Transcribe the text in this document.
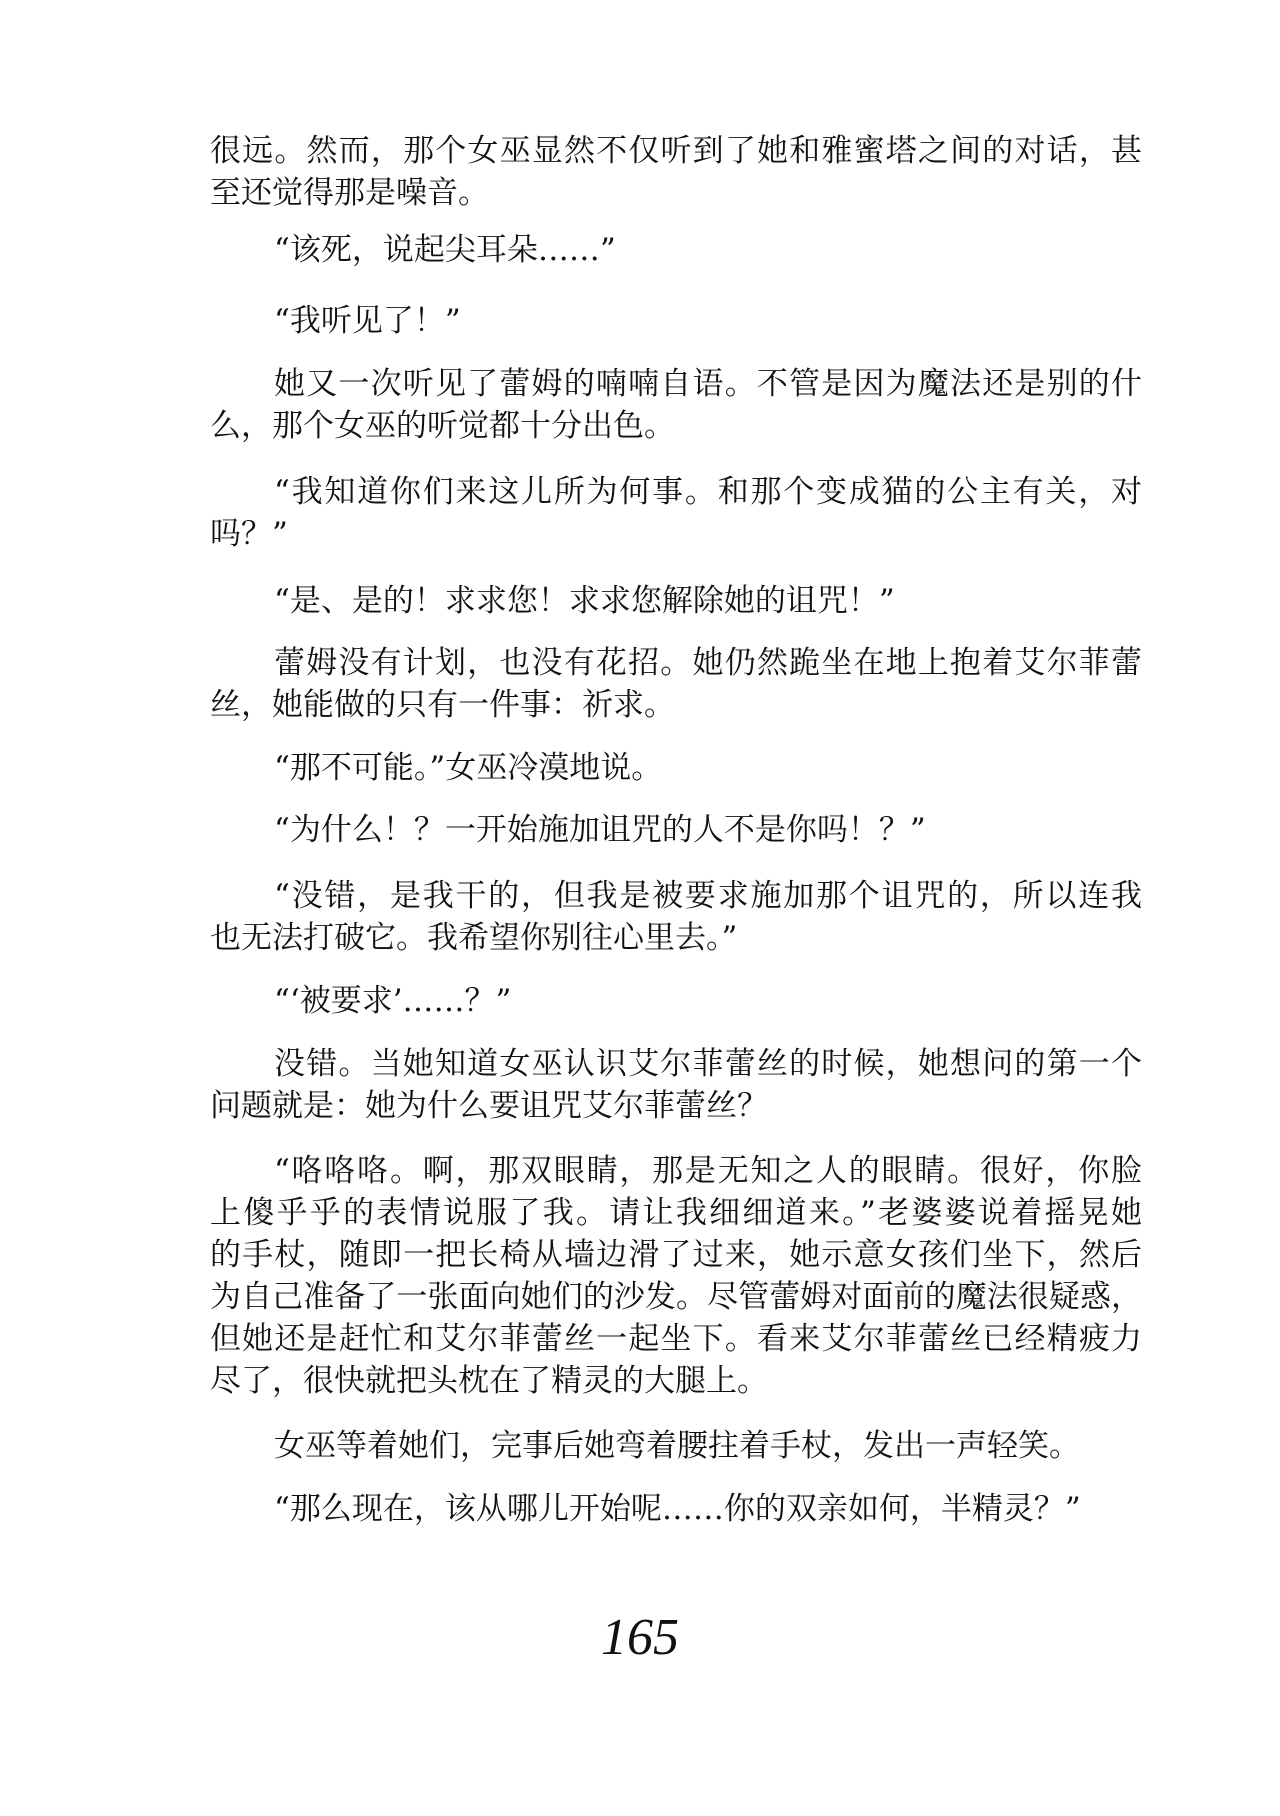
很远。然而，那个女巫显然不仅听到了她和雅蜜塔之间的对话，甚
至还觉得那是噪音。
“该死，说起尖耳朵……”
“我听见了！”
她又一次听见了蕾姆的喃喃自语。不管是因为魔法还是别的什
么，那个女巫的听觉都十分出色。
“我知道你们来这儿所为何事。和那个变成猫的公主有关，对
吗？”
“是、是的！求求您！求求您解除她的诅咒！”
蕾姆没有计划，也没有花招。她仍然跪坐在地上抱着艾尔菲蕾
丝，她能做的只有一件事：祈求。
“那不可能。”女巫冷漠地说。
“为什么！？一开始施加诅咒的人不是你吗！？”
“没错，是我干的，但我是被要求施加那个诅咒的，所以连我
也无法打破它。我希望你别往心里去。”
“‘被要求’……？”
没错。当她知道女巫认识艾尔菲蕾丝的时候，她想问的第一个
问题就是：她为什么要诅咒艾尔菲蕾丝？
“咯咯咯。啊，那双眼睛，那是无知之人的眼睛。很好，你脸
上傻乎乎的表情说服了我。请让我细细道来。”老婆婆说着摇晃她
的手杖，随即一把长椅从墙边滑了过来，她示意女孩们坐下，然后
为自己准备了一张面向她们的沙发。尽管蕾姆对面前的魔法很疑惑，
但她还是赶忙和艾尔菲蕾丝一起坐下。看来艾尔菲蕾丝已经精疲力
尽了，很快就把头枕在了精灵的大腿上。
女巫等着她们，完事后她弯着腰拄着手杖，发出一声轻笑。
“那么现在，该从哪儿开始呢……你的双亲如何，半精灵？”
165
